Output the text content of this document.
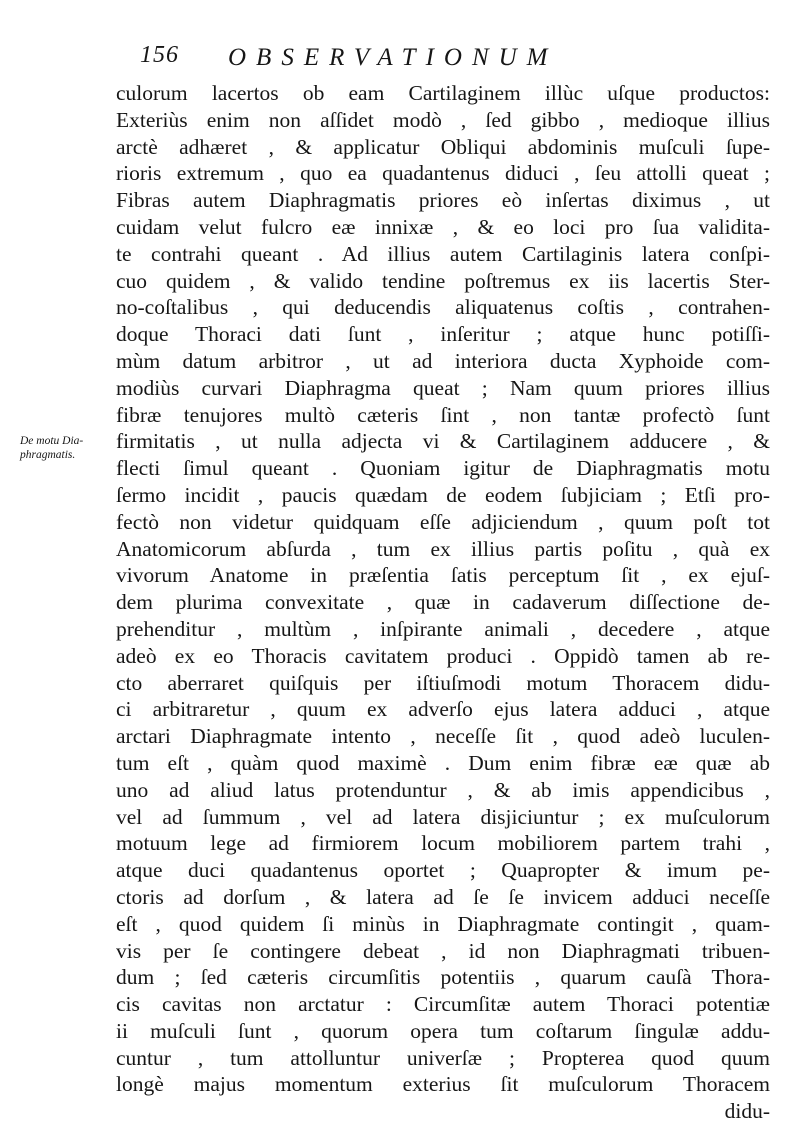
156 OBSERVATIONUM
De motu Dia-
phragmatis.
culorum lacertos ob eam Cartilaginem illùc uſque productos:
Exteriùs enim non aſſidet modò , ſed gibbo , medioque illius
arctè adhæret , & applicatur Obliqui abdominis muſculi ſupe-
rioris extremum , quo ea quadantenus diduci , ſeu attolli queat ;
Fibras autem Diaphragmatis priores eò inſertas diximus , ut
cuidam velut fulcro eæ innixæ , & eo loci pro ſua validita-
te contrahi queant . Ad illius autem Cartilaginis latera conſpi-
cuo quidem , & valido tendine poſtremus ex iis lacertis Ster-
no-coſtalibus , qui deducendis aliquatenus coſtis , contrahen-
doque Thoraci dati ſunt , inſeritur ; atque hunc potiſſi-
mùm datum arbitror , ut ad interiora ducta Xyphoide com-
modiùs curvari Diaphragma queat ; Nam quum priores illius
fibræ tenujores multò cæteris ſint , non tantæ profectò ſunt
firmitatis , ut nulla adjecta vi & Cartilaginem adducere , &
flecti ſimul queant . Quoniam igitur de Diaphragmatis motu
ſermo incidit , paucis quædam de eodem ſubjiciam ; Etſi pro-
fectò non videtur quidquam eſſe adjiciendum , quum poſt tot
Anatomicorum abſurda , tum ex illius partis poſitu , quà ex
vivorum Anatome in præſentia ſatis perceptum ſit , ex ejuſ-
dem plurima convexitate , quæ in cadaverum diſſectione de-
prehenditur , multùm , inſpirante animali , decedere , atque
adeò ex eo Thoracis cavitatem produci . Oppidò tamen ab re-
cto aberraret quiſquis per iſtiuſmodi motum Thoracem didu-
ci arbitraretur , quum ex adverſo ejus latera adduci , atque
arctari Diaphragmate intento , neceſſe ſit , quod adeò luculen-
tum eſt , quàm quod maximè . Dum enim fibræ eæ quæ ab
uno ad aliud latus protenduntur , & ab imis appendicibus ,
vel ad ſummum , vel ad latera disjiciuntur ; ex muſculorum
motuum lege ad firmiorem locum mobiliorem partem trahi ,
atque duci quadantenus oportet ; Quapropter & imum pe-
ctoris ad dorſum , & latera ad ſe ſe invicem adduci neceſſe
eſt , quod quidem ſi minùs in Diaphragmate contingit , quam-
vis per ſe contingere debeat , id non Diaphragmati tribuen-
dum ; ſed cæteris circumſitis potentiis , quarum cauſà Thora-
cis cavitas non arctatur : Circumſitæ autem Thoraci potentiæ
ii muſculi ſunt , quorum opera tum coſtarum ſingulæ addu-
cuntur , tum attolluntur univerſæ ; Propterea quod quum
longè majus momentum exterius ſit muſculorum Thoracem
didu-
